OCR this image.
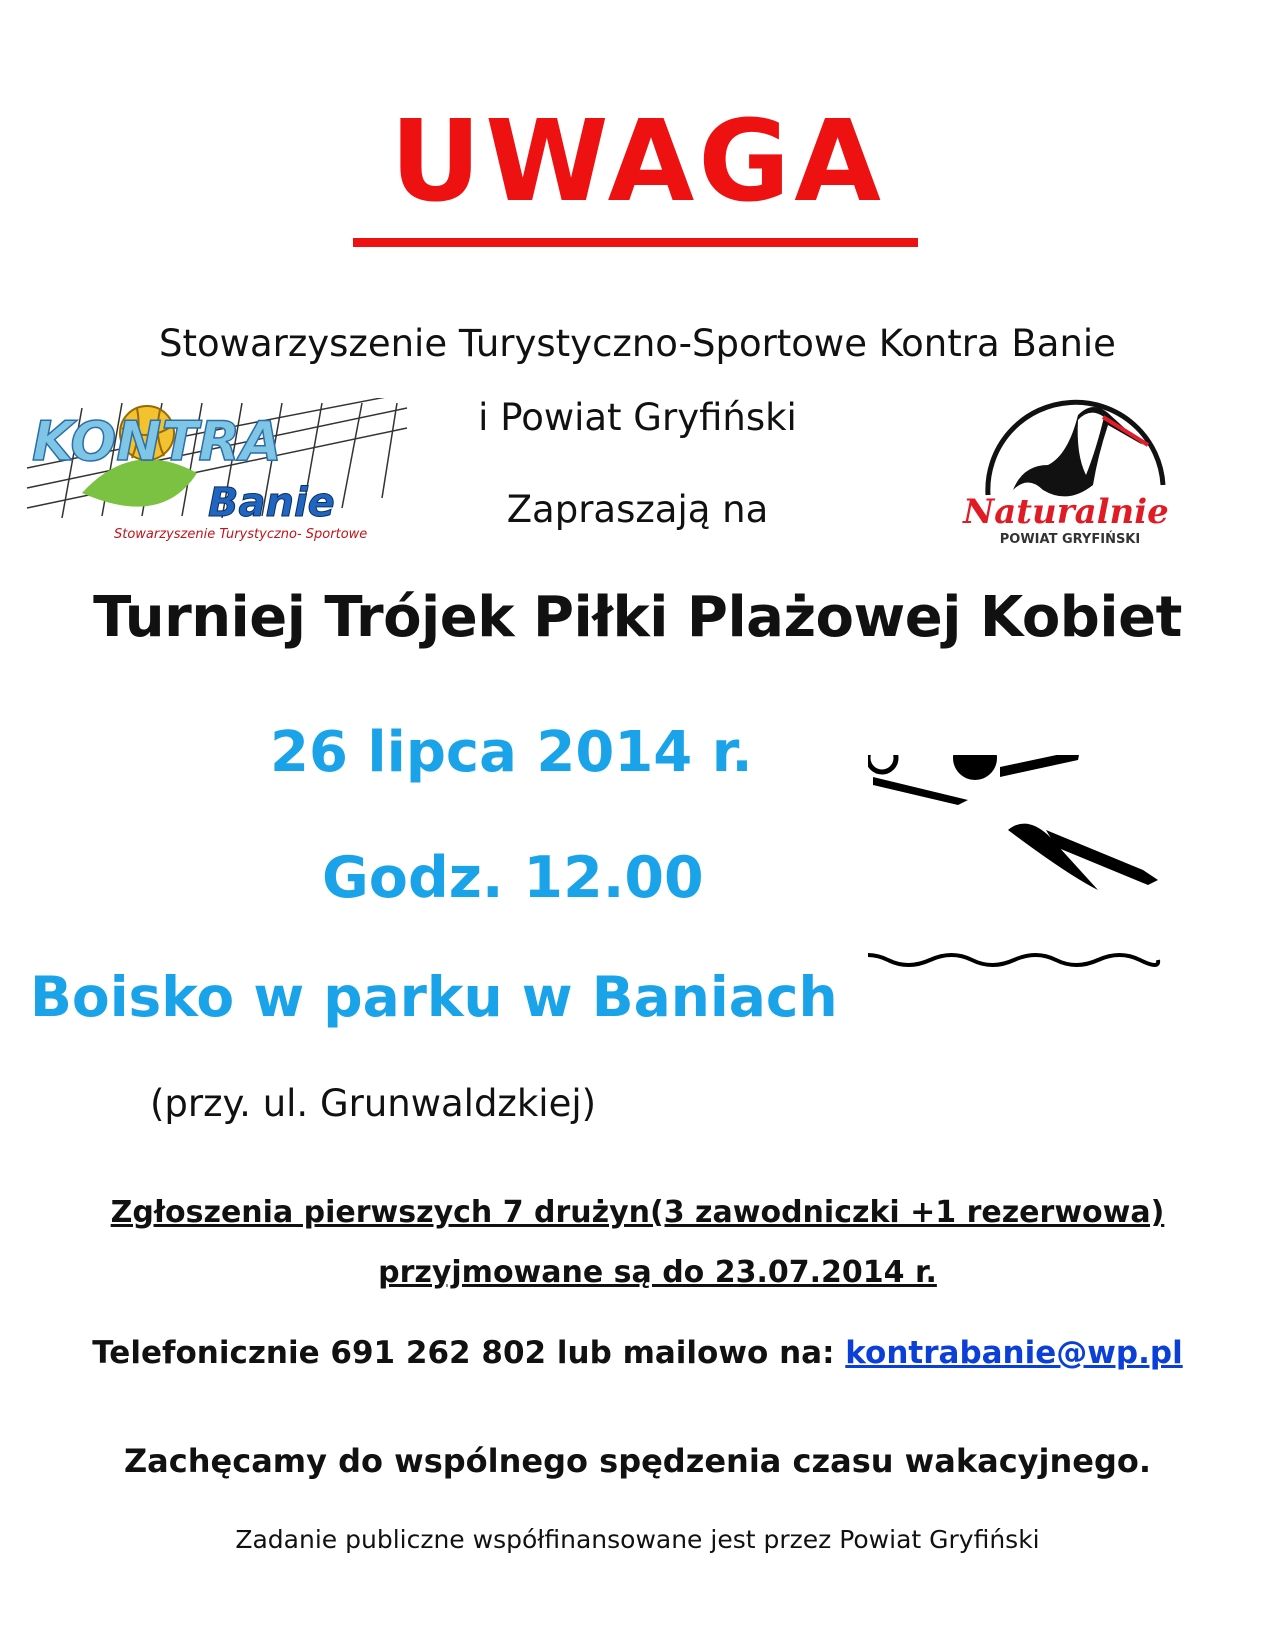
UWAGA
Stowarzyszenie Turystyczno-Sportowe Kontra Banie
i Powiat Gryfiński
Zapraszają na
KONTRA
Banie
Stowarzyszenie Turystyczno- Sportowe
Naturalnie
POWIAT GRYFIŃSKI
Turniej Trójek Piłki Plażowej Kobiet
26 lipca 2014 r.
Godz. 12.00
Boisko w parku w Baniach
(przy. ul. Grunwaldzkiej)
Zgłoszenia pierwszych 7 drużyn(3 zawodniczki +1 rezerwowa)
przyjmowane są do 23.07.2014 r.
Telefonicznie 691 262 802 lub mailowo na: kontrabanie@wp.pl
Zachęcamy do wspólnego spędzenia czasu wakacyjnego.
Zadanie publiczne współfinansowane jest przez Powiat Gryfiński
